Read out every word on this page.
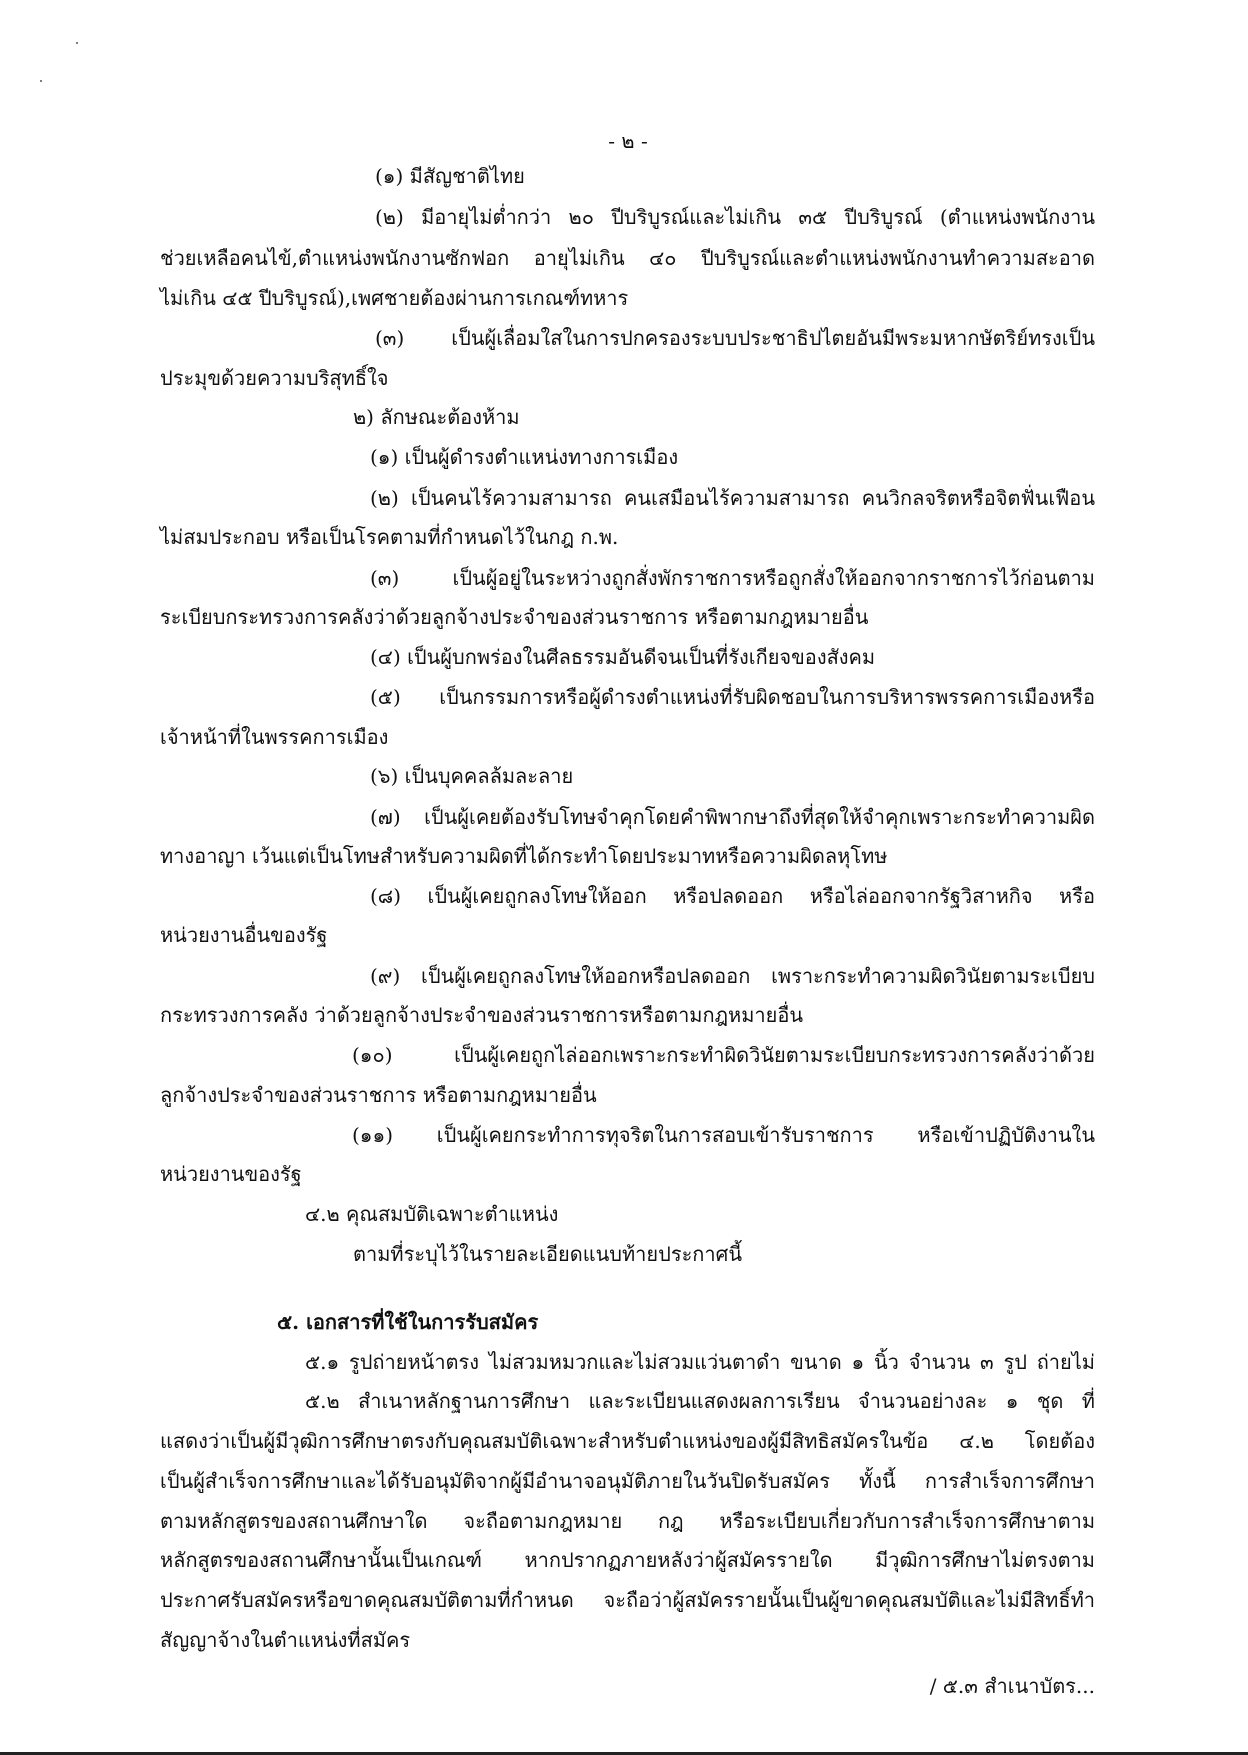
- ๒ -
(๑) มีสัญชาติไทย
(๒) มีอายุไม่ต่ำกว่า ๒๐ ปีบริบูรณ์และไม่เกิน ๓๕ ปีบริบูรณ์ (ตำแหน่งพนักงาน
ช่วยเหลือคนไข้,ตำแหน่งพนักงานซักฟอก อายุไม่เกิน ๔๐ ปีบริบูรณ์และตำแหน่งพนักงานทำความสะอาด
ไม่เกิน ๔๕ ปีบริบูรณ์),เพศชายต้องผ่านการเกณฑ์ทหาร
(๓) เป็นผู้เลื่อมใสในการปกครองระบบประชาธิปไตยอันมีพระมหากษัตริย์ทรงเป็น
ประมุขด้วยความบริสุทธิ์ใจ
๒) ลักษณะต้องห้าม
(๑) เป็นผู้ดำรงตำแหน่งทางการเมือง
(๒) เป็นคนไร้ความสามารถ คนเสมือนไร้ความสามารถ คนวิกลจริตหรือจิตฟั่นเฟือน
ไม่สมประกอบ หรือเป็นโรคตามที่กำหนดไว้ในกฎ ก.พ.
(๓) เป็นผู้อยู่ในระหว่างถูกสั่งพักราชการหรือถูกสั่งให้ออกจากราชการไว้ก่อนตาม
ระเบียบกระทรวงการคลังว่าด้วยลูกจ้างประจำของส่วนราชการ หรือตามกฎหมายอื่น
(๔) เป็นผู้บกพร่องในศีลธรรมอันดีจนเป็นที่รังเกียจของสังคม
(๕) เป็นกรรมการหรือผู้ดำรงตำแหน่งที่รับผิดชอบในการบริหารพรรคการเมืองหรือ
เจ้าหน้าที่ในพรรคการเมือง
(๖) เป็นบุคคลล้มละลาย
(๗) เป็นผู้เคยต้องรับโทษจำคุกโดยคำพิพากษาถึงที่สุดให้จำคุกเพราะกระทำความผิด
ทางอาญา เว้นแต่เป็นโทษสำหรับความผิดที่ได้กระทำโดยประมาทหรือความผิดลหุโทษ
(๘) เป็นผู้เคยถูกลงโทษให้ออก หรือปลดออก หรือไล่ออกจากรัฐวิสาหกิจ หรือ
หน่วยงานอื่นของรัฐ
(๙) เป็นผู้เคยถูกลงโทษให้ออกหรือปลดออก เพราะกระทำความผิดวินัยตามระเบียบ
กระทรวงการคลัง ว่าด้วยลูกจ้างประจำของส่วนราชการหรือตามกฎหมายอื่น
(๑๐) เป็นผู้เคยถูกไล่ออกเพราะกระทำผิดวินัยตามระเบียบกระทรวงการคลังว่าด้วย
ลูกจ้างประจำของส่วนราชการ หรือตามกฎหมายอื่น
(๑๑) เป็นผู้เคยกระทำการทุจริตในการสอบเข้ารับราชการ หรือเข้าปฏิบัติงานใน
หน่วยงานของรัฐ
๔.๒ คุณสมบัติเฉพาะตำแหน่ง
ตามที่ระบุไว้ในรายละเอียดแนบท้ายประกาศนี้
๕. เอกสารที่ใช้ในการรับสมัคร
๕.๑ รูปถ่ายหน้าตรง ไม่สวมหมวกและไม่สวมแว่นตาดำ ขนาด ๑ นิ้ว จำนวน ๓ รูป ถ่ายไม่
๕.๒ สำเนาหลักฐานการศึกษา และระเบียนแสดงผลการเรียน จำนวนอย่างละ ๑ ชุด ที่
แสดงว่าเป็นผู้มีวุฒิการศึกษาตรงกับคุณสมบัติเฉพาะสำหรับตำแหน่งของผู้มีสิทธิสมัครในข้อ ๔.๒ โดยต้อง
เป็นผู้สำเร็จการศึกษาและได้รับอนุมัติจากผู้มีอำนาจอนุมัติภายในวันปิดรับสมัคร ทั้งนี้ การสำเร็จการศึกษา
ตามหลักสูตรของสถานศึกษาใด จะถือตามกฎหมาย กฎ หรือระเบียบเกี่ยวกับการสำเร็จการศึกษาตาม
หลักสูตรของสถานศึกษานั้นเป็นเกณฑ์ หากปรากฏภายหลังว่าผู้สมัครรายใด มีวุฒิการศึกษาไม่ตรงตาม
ประกาศรับสมัครหรือขาดคุณสมบัติตามที่กำหนด จะถือว่าผู้สมัครรายนั้นเป็นผู้ขาดคุณสมบัติและไม่มีสิทธิ์ทำ
สัญญาจ้างในตำแหน่งที่สมัคร
/ ๕.๓ สำเนาบัตร...
